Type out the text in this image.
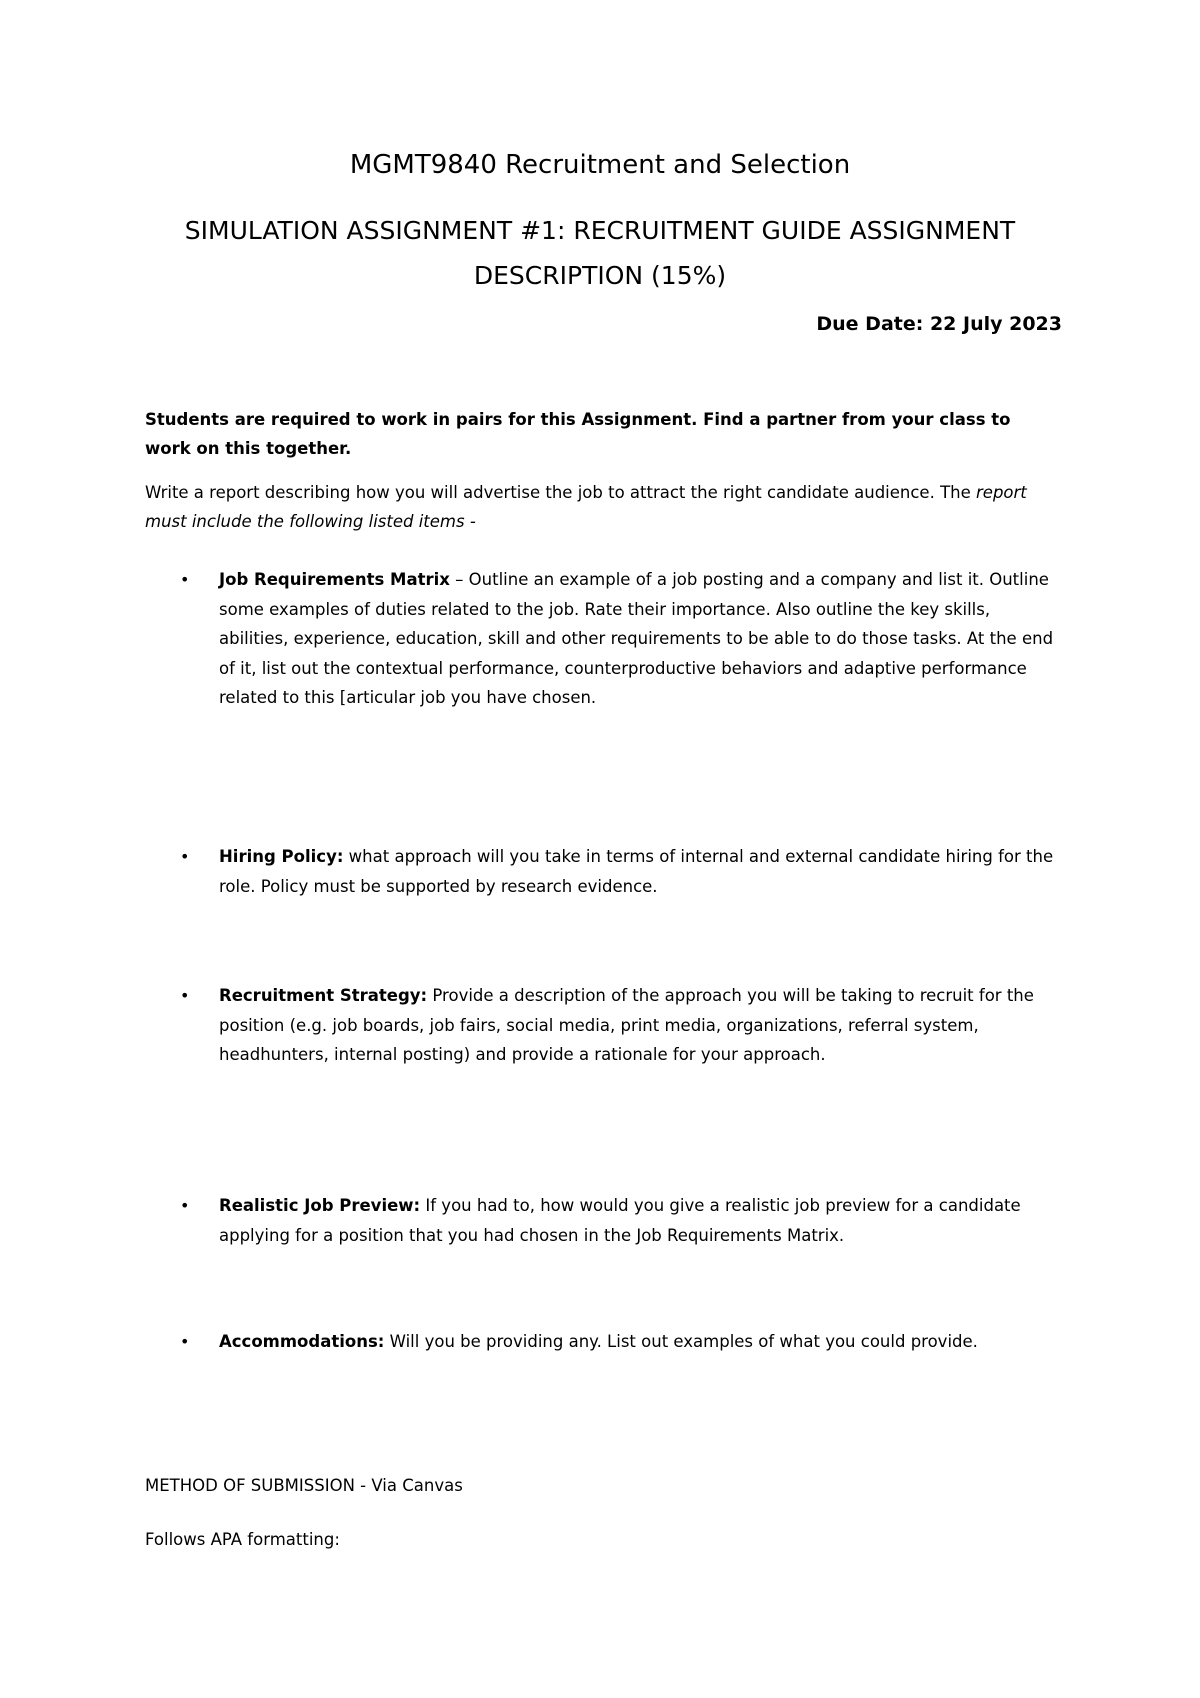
MGMT9840 Recruitment and Selection
SIMULATION ASSIGNMENT #1: RECRUITMENT GUIDE ASSIGNMENT DESCRIPTION (15%)
Due Date: 22 July 2023

Students are required to work in pairs for this Assignment. Find a partner from your class to work on this together.

Write a report describing how you will advertise the job to attract the right candidate audience. The report must include the following listed items -

• Job Requirements Matrix – Outline an example of a job posting and a company and list it. Outline some examples of duties related to the job. Rate their importance. Also outline the key skills, abilities, experience, education, skill and other requirements to be able to do those tasks. At the end of it, list out the contextual performance, counterproductive behaviors and adaptive performance related to this [articular job you have chosen.
• Hiring Policy: what approach will you take in terms of internal and external candidate hiring for the role. Policy must be supported by research evidence.
• Recruitment Strategy: Provide a description of the approach you will be taking to recruit for the position (e.g. job boards, job fairs, social media, print media, organizations, referral system, headhunters, internal posting) and provide a rationale for your approach.
• Realistic Job Preview: If you had to, how would you give a realistic job preview for a candidate applying for a position that you had chosen in the Job Requirements Matrix.
• Accommodations: Will you be providing any. List out examples of what you could provide.

METHOD OF SUBMISSION - Via Canvas

Follows APA formatting:
